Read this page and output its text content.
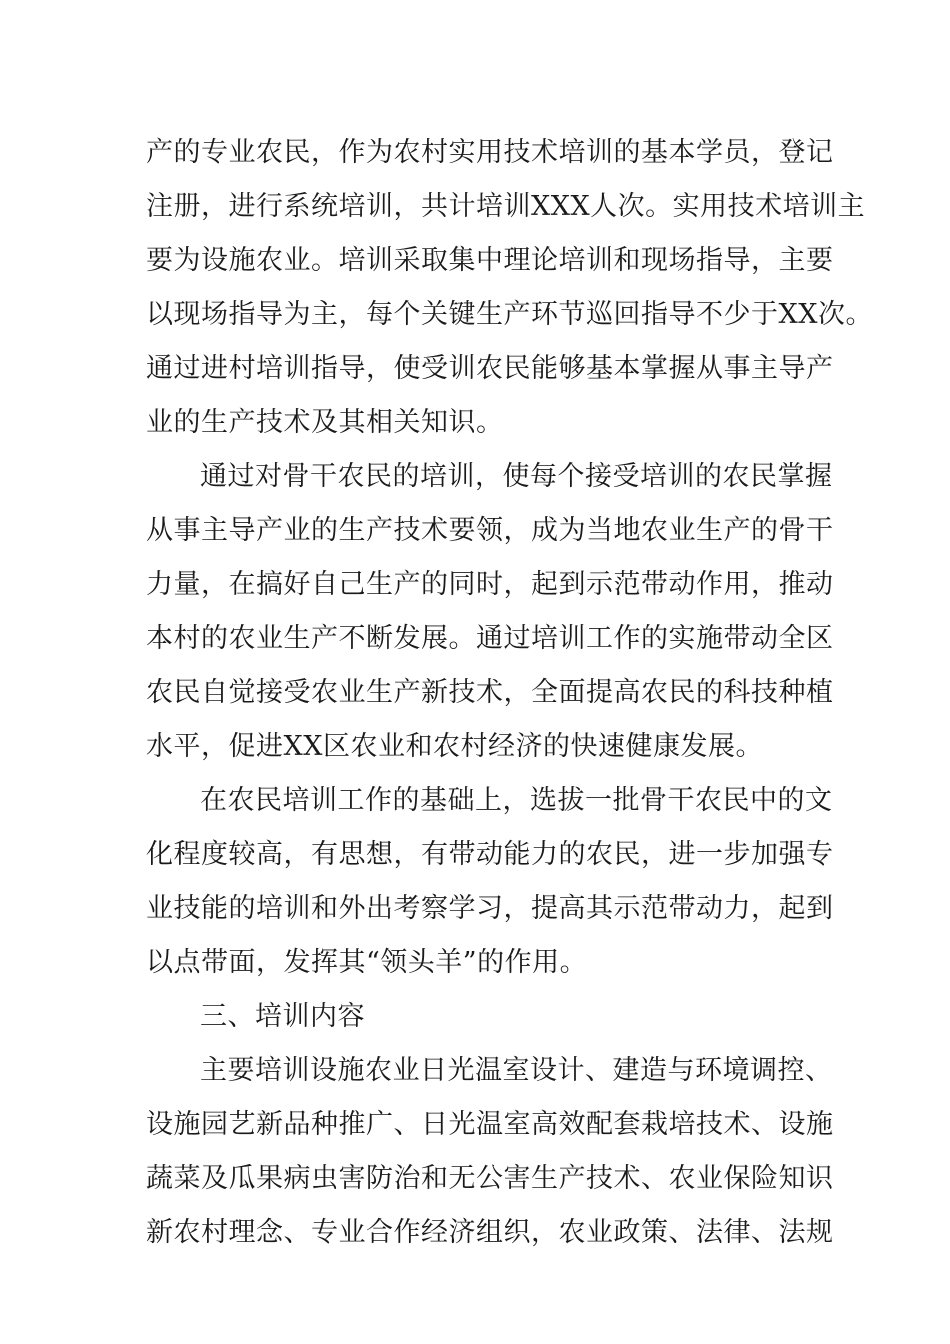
产的专业农民，作为农村实用技术培训的基本学员，登记
注册，进行系统培训，共计培训XXX人次。实用技术培训主
要为设施农业。培训采取集中理论培训和现场指导，主要
以现场指导为主，每个关键生产环节巡回指导不少于XX次。
通过进村培训指导，使受训农民能够基本掌握从事主导产
业的生产技术及其相关知识。
通过对骨干农民的培训，使每个接受培训的农民掌握
从事主导产业的生产技术要领，成为当地农业生产的骨干
力量，在搞好自己生产的同时，起到示范带动作用，推动
本村的农业生产不断发展。通过培训工作的实施带动全区
农民自觉接受农业生产新技术，全面提高农民的科技种植
水平，促进XX区农业和农村经济的快速健康发展。
在农民培训工作的基础上，选拔一批骨干农民中的文
化程度较高，有思想，有带动能力的农民，进一步加强专
业技能的培训和外出考察学习，提高其示范带动力，起到
以点带面，发挥其“领头羊”的作用。
三、培训内容
主要培训设施农业日光温室设计、建造与环境调控、
设施园艺新品种推广、日光温室高效配套栽培技术、设施
蔬菜及瓜果病虫害防治和无公害生产技术、农业保险知识
新农村理念、专业合作经济组织，农业政策、法律、法规
